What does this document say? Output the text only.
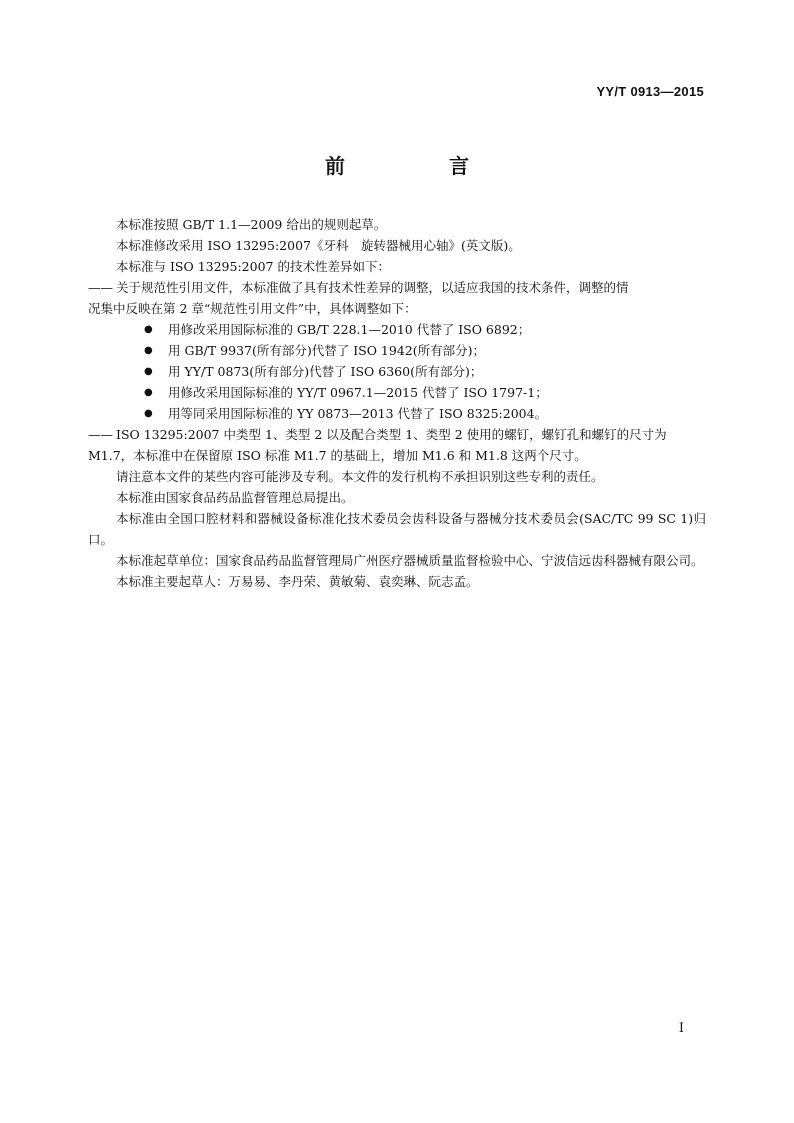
YY/T 0913—2015
前　言

本标准按照 GB/T 1.1—2009 给出的规则起草。

本标准修改采用 ISO 13295:2007《牙科　旋转器械用心轴》(英文版)。

本标准与 ISO 13295:2007 的技术性差异如下：

—— 关于规范性引用文件，本标准做了具有技术性差异的调整，以适应我国的技术条件，调整的情
况集中反映在第 2 章“规范性引用文件”中，具体调整如下：
● 用修改采用国际标准的 GB/T 228.1—2010 代替了 ISO 6892；
● 用 GB/T 9937(所有部分)代替了 ISO 1942(所有部分)；
● 用 YY/T 0873(所有部分)代替了 ISO 6360(所有部分)；
● 用修改采用国际标准的 YY/T 0967.1—2015 代替了 ISO 1797-1；
● 用等同采用国际标准的 YY 0873—2013 代替了 ISO 8325:2004。
—— ISO 13295:2007 中类型 1、类型 2 以及配合类型 1、类型 2 使用的螺钉，螺钉孔和螺钉的尺寸为
M1.7，本标准中在保留原 ISO 标准 M1.7 的基础上，增加 M1.6 和 M1.8 这两个尺寸。

请注意本文件的某些内容可能涉及专利。本文件的发行机构不承担识别这些专利的责任。

本标准由国家食品药品监督管理总局提出。

本标准由全国口腔材料和器械设备标准化技术委员会齿科设备与器械分技术委员会(SAC/TC 99 SC 1)归口。

本标准起草单位：国家食品药品监督管理局广州医疗器械质量监督检验中心、宁波信远齿科器械有限公司。

本标准主要起草人：万易易、李丹荣、黄敏菊、袁奕琳、阮志孟。

I
